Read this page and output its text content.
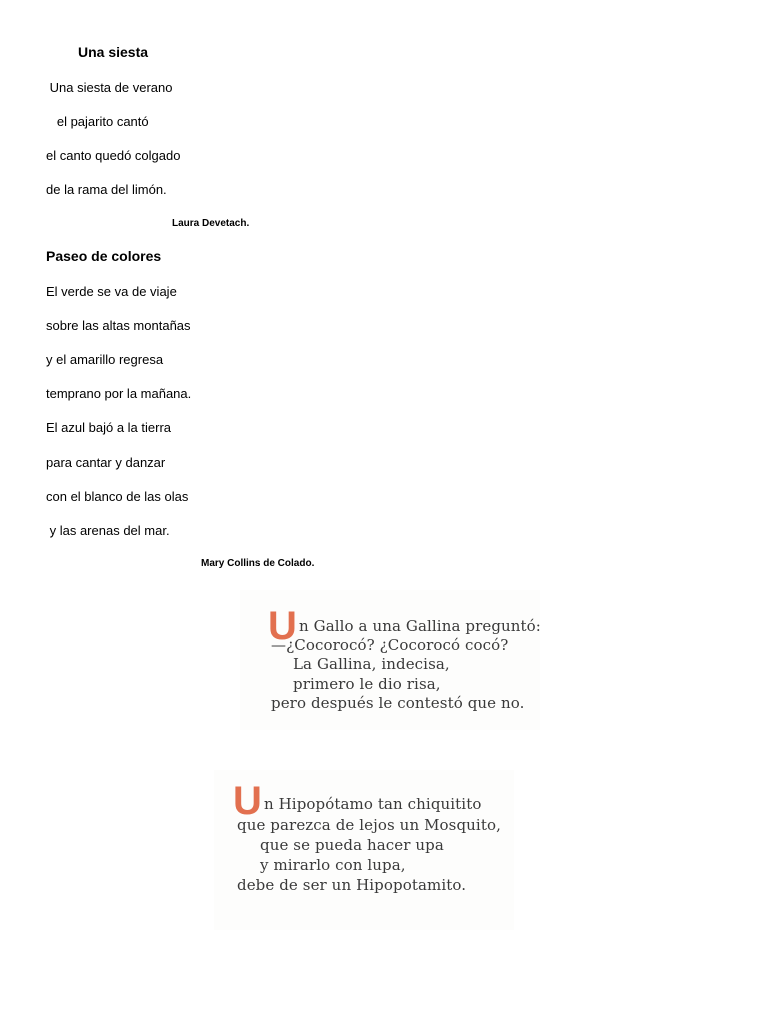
Una siesta
Una siesta de verano
el pajarito cantó
el canto quedó colgado
de la rama del limón.
Laura Devetach.
Paseo de colores
El verde se va de viaje
sobre las altas montañas
y el amarillo regresa
temprano por la mañana.
El azul bajó a la tierra
para cantar y danzar
con el blanco de las olas
y las arenas del mar.
Mary Collins de Colado.
U n Gallo a una Gallina preguntó:
—¿Cocorocó? ¿Cocorocó cocó?
La Gallina, indecisa,
primero le dio risa,
pero después le contestó que no.
U n Hipopótamo tan chiquitito
que parezca de lejos un Mosquito,
que se pueda hacer upa
y mirarlo con lupa,
debe de ser un Hipopotamito.
